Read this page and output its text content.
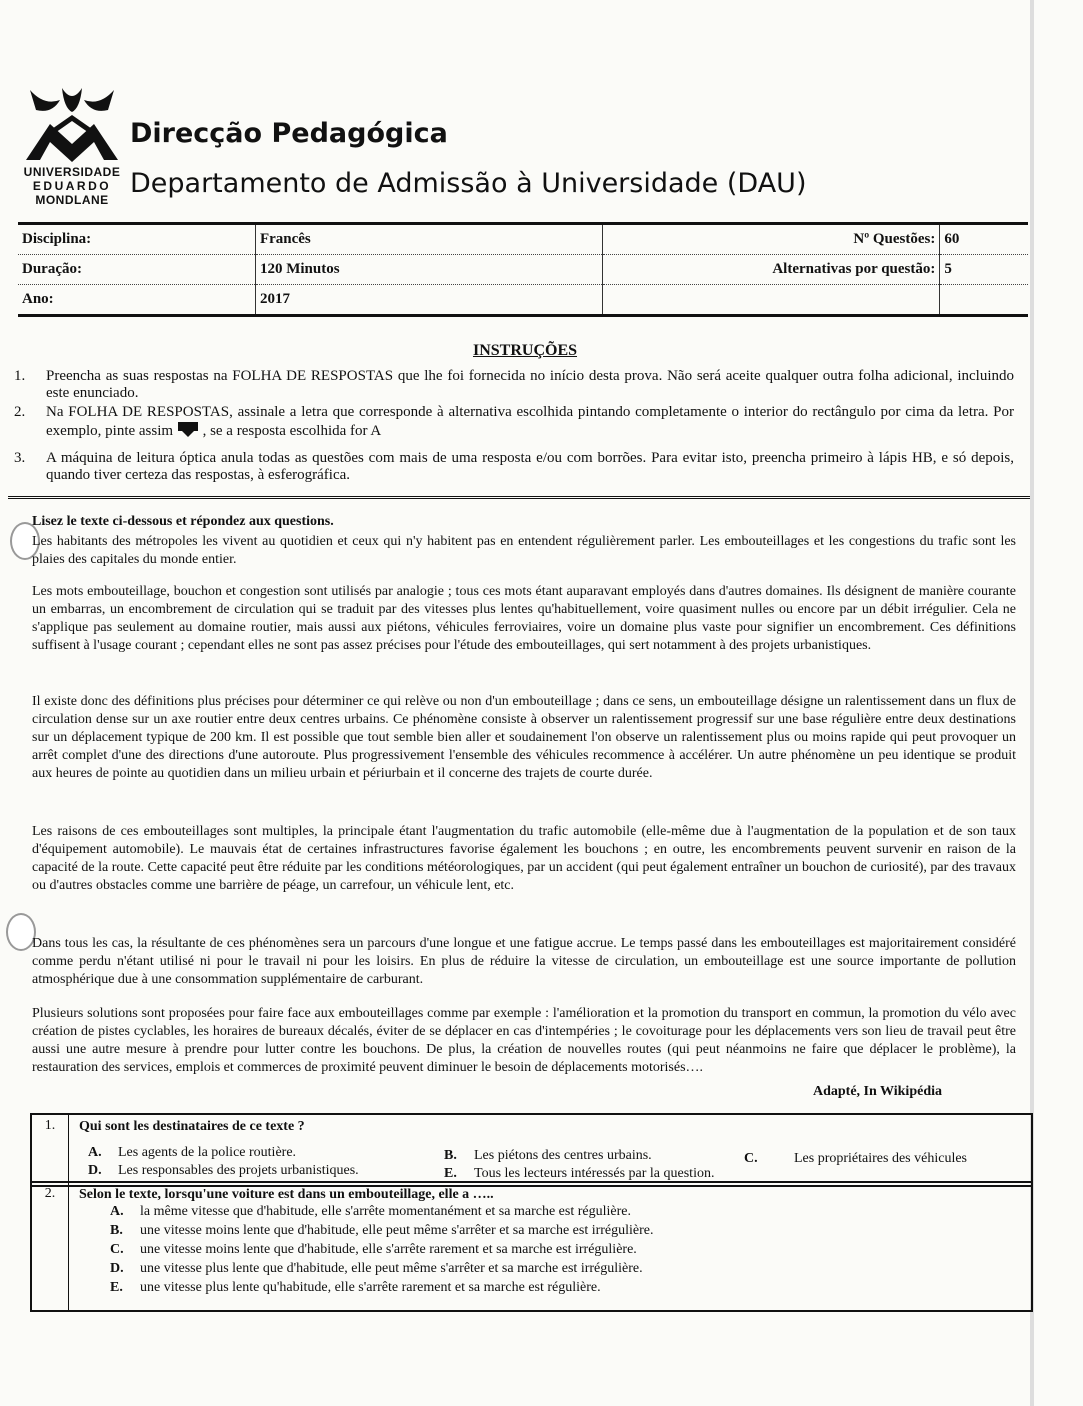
UNIVERSIDADE
EDUARDO
MONDLANE
Direcção Pedagógica
Departamento de Admissão à Universidade (DAU)
Disciplina:	Francês	Nº Questões:	60
Duração:	120 Minutos	Alternativas por questão:	5
Ano:	2017		
INSTRUÇÕES
1. Preencha as suas respostas na FOLHA DE RESPOSTAS que lhe foi fornecida no início desta prova. Não será aceite qualquer outra folha adicional, incluindo este enunciado.
2. Na FOLHA DE RESPOSTAS, assinale a letra que corresponde à alternativa escolhida pintando completamente o interior do rectângulo por cima da letra. Por exemplo, pinte assim , se a resposta escolhida for A
3. A máquina de leitura óptica anula todas as questões com mais de uma resposta e/ou com borrões. Para evitar isto, preencha primeiro à lápis HB, e só depois, quando tiver certeza das respostas, à esferográfica.
Lisez le texte ci-dessous et répondez aux questions.
Les habitants des métropoles les vivent au quotidien et ceux qui n'y habitent pas en entendent régulièrement parler. Les embouteillages et les congestions du trafic sont les plaies des capitales du monde entier.
Les mots embouteillage, bouchon et congestion sont utilisés par analogie ; tous ces mots étant auparavant employés dans d'autres domaines. Ils désignent de manière courante un embarras, un encombrement de circulation qui se traduit par des vitesses plus lentes qu'habituellement, voire quasiment nulles ou encore par un débit irrégulier. Cela ne s'applique pas seulement au domaine routier, mais aussi aux piétons, véhicules ferroviaires, voire un domaine plus vaste pour signifier un encombrement. Ces définitions suffisent à l'usage courant ; cependant elles ne sont pas assez précises pour l'étude des embouteillages, qui sert notamment à des projets urbanistiques.
Il existe donc des définitions plus précises pour déterminer ce qui relève ou non d'un embouteillage ; dans ce sens, un embouteillage désigne un ralentissement dans un flux de circulation dense sur un axe routier entre deux centres urbains. Ce phénomène consiste à observer un ralentissement progressif sur une base régulière entre deux destinations sur un déplacement typique de 200 km. Il est possible que tout semble bien aller et soudainement l'on observe un ralentissement plus ou moins rapide qui peut provoquer un arrêt complet d'une des directions d'une autoroute. Plus progressivement l'ensemble des véhicules recommence à accélérer. Un autre phénomène un peu identique se produit aux heures de pointe au quotidien dans un milieu urbain et périurbain et il concerne des trajets de courte durée.
Les raisons de ces embouteillages sont multiples, la principale étant l'augmentation du trafic automobile (elle-même due à l'augmentation de la population et de son taux d'équipement automobile). Le mauvais état de certaines infrastructures favorise également les bouchons ; en outre, les encombrements peuvent survenir en raison de la capacité de la route. Cette capacité peut être réduite par les conditions météorologiques, par un accident (qui peut également entraîner un bouchon de curiosité), par des travaux ou d'autres obstacles comme une barrière de péage, un carrefour, un véhicule lent, etc.
Dans tous les cas, la résultante de ces phénomènes sera un parcours d'une longue et une fatigue accrue. Le temps passé dans les embouteillages est majoritairement considéré comme perdu n'étant utilisé ni pour le travail ni pour les loisirs. En plus de réduire la vitesse de circulation, un embouteillage est une source importante de pollution atmosphérique due à une consommation supplémentaire de carburant.
Plusieurs solutions sont proposées pour faire face aux embouteillages comme par exemple : l'amélioration et la promotion du transport en commun, la promotion du vélo avec création de pistes cyclables, les horaires de bureaux décalés, éviter de se déplacer en cas d'intempéries ; le covoiturage pour les déplacements vers son lieu de travail peut être aussi une autre mesure à prendre pour lutter contre les bouchons. De plus, la création de nouvelles routes (qui peut néanmoins ne faire que déplacer le problème), la restauration des services, emplois et commerces de proximité peuvent diminuer le besoin de déplacements motorisés….
Adapté, In Wikipédia
1.	Qui sont les destinataires de ce texte ?
A. Les agents de la police routière.	B. Les piétons des centres urbains.	C.	Les propriétaires des véhicules
D. Les responsables des projets urbanistiques.	E. Tous les lecteurs intéressés par la question.
2.	Selon le texte, lorsqu'une voiture est dans un embouteillage, elle a …..
A. la même vitesse que d'habitude, elle s'arrête momentanément et sa marche est régulière.
B. une vitesse moins lente que d'habitude, elle peut même s'arrêter et sa marche est irrégulière.
C. une vitesse moins lente que d'habitude, elle s'arrête rarement et sa marche est irrégulière.
D. une vitesse plus lente que d'habitude, elle peut même s'arrêter et sa marche est irrégulière.
E. une vitesse plus lente qu'habitude, elle s'arrête rarement et sa marche est régulière.
